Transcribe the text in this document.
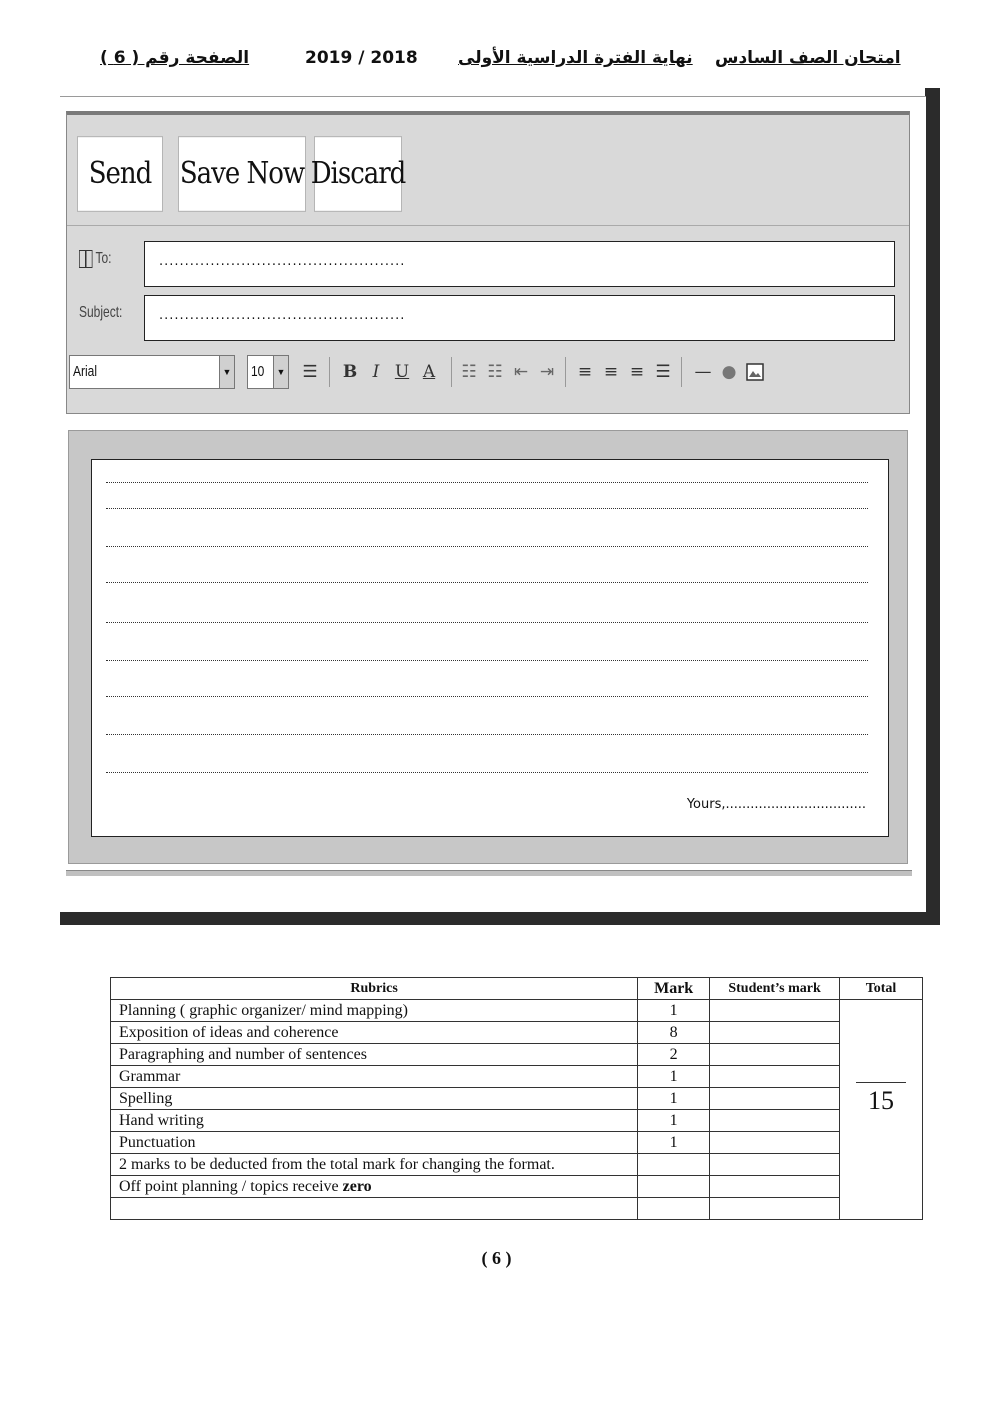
الصفحة رقم ( 6 )	2019 / 2018 نهاية الفترة الدراسية الأولى امتحان الصف السادس
Send	Save Now Discard
To:	................................................
Subject:	................................................
Arial	▼ 10	▼ ☰ B I U A ☷ ☷ ⇤ ⇥ ≡ ≡ ≡ ☰ — ●
Yours,..................................
Rubrics	Mark	Student’s mark	Total
Planning ( graphic organizer/ mind mapping)	1		15

Exposition of ideas and coherence	8		
Paragraphing and number of sentences	2		
Grammar	1		
Spelling	1		
Hand writing	1		
Punctuation	1		
2 marks to be deducted from the total mark for changing the format.			
Off point planning / topics receive zero			

( 6 )
